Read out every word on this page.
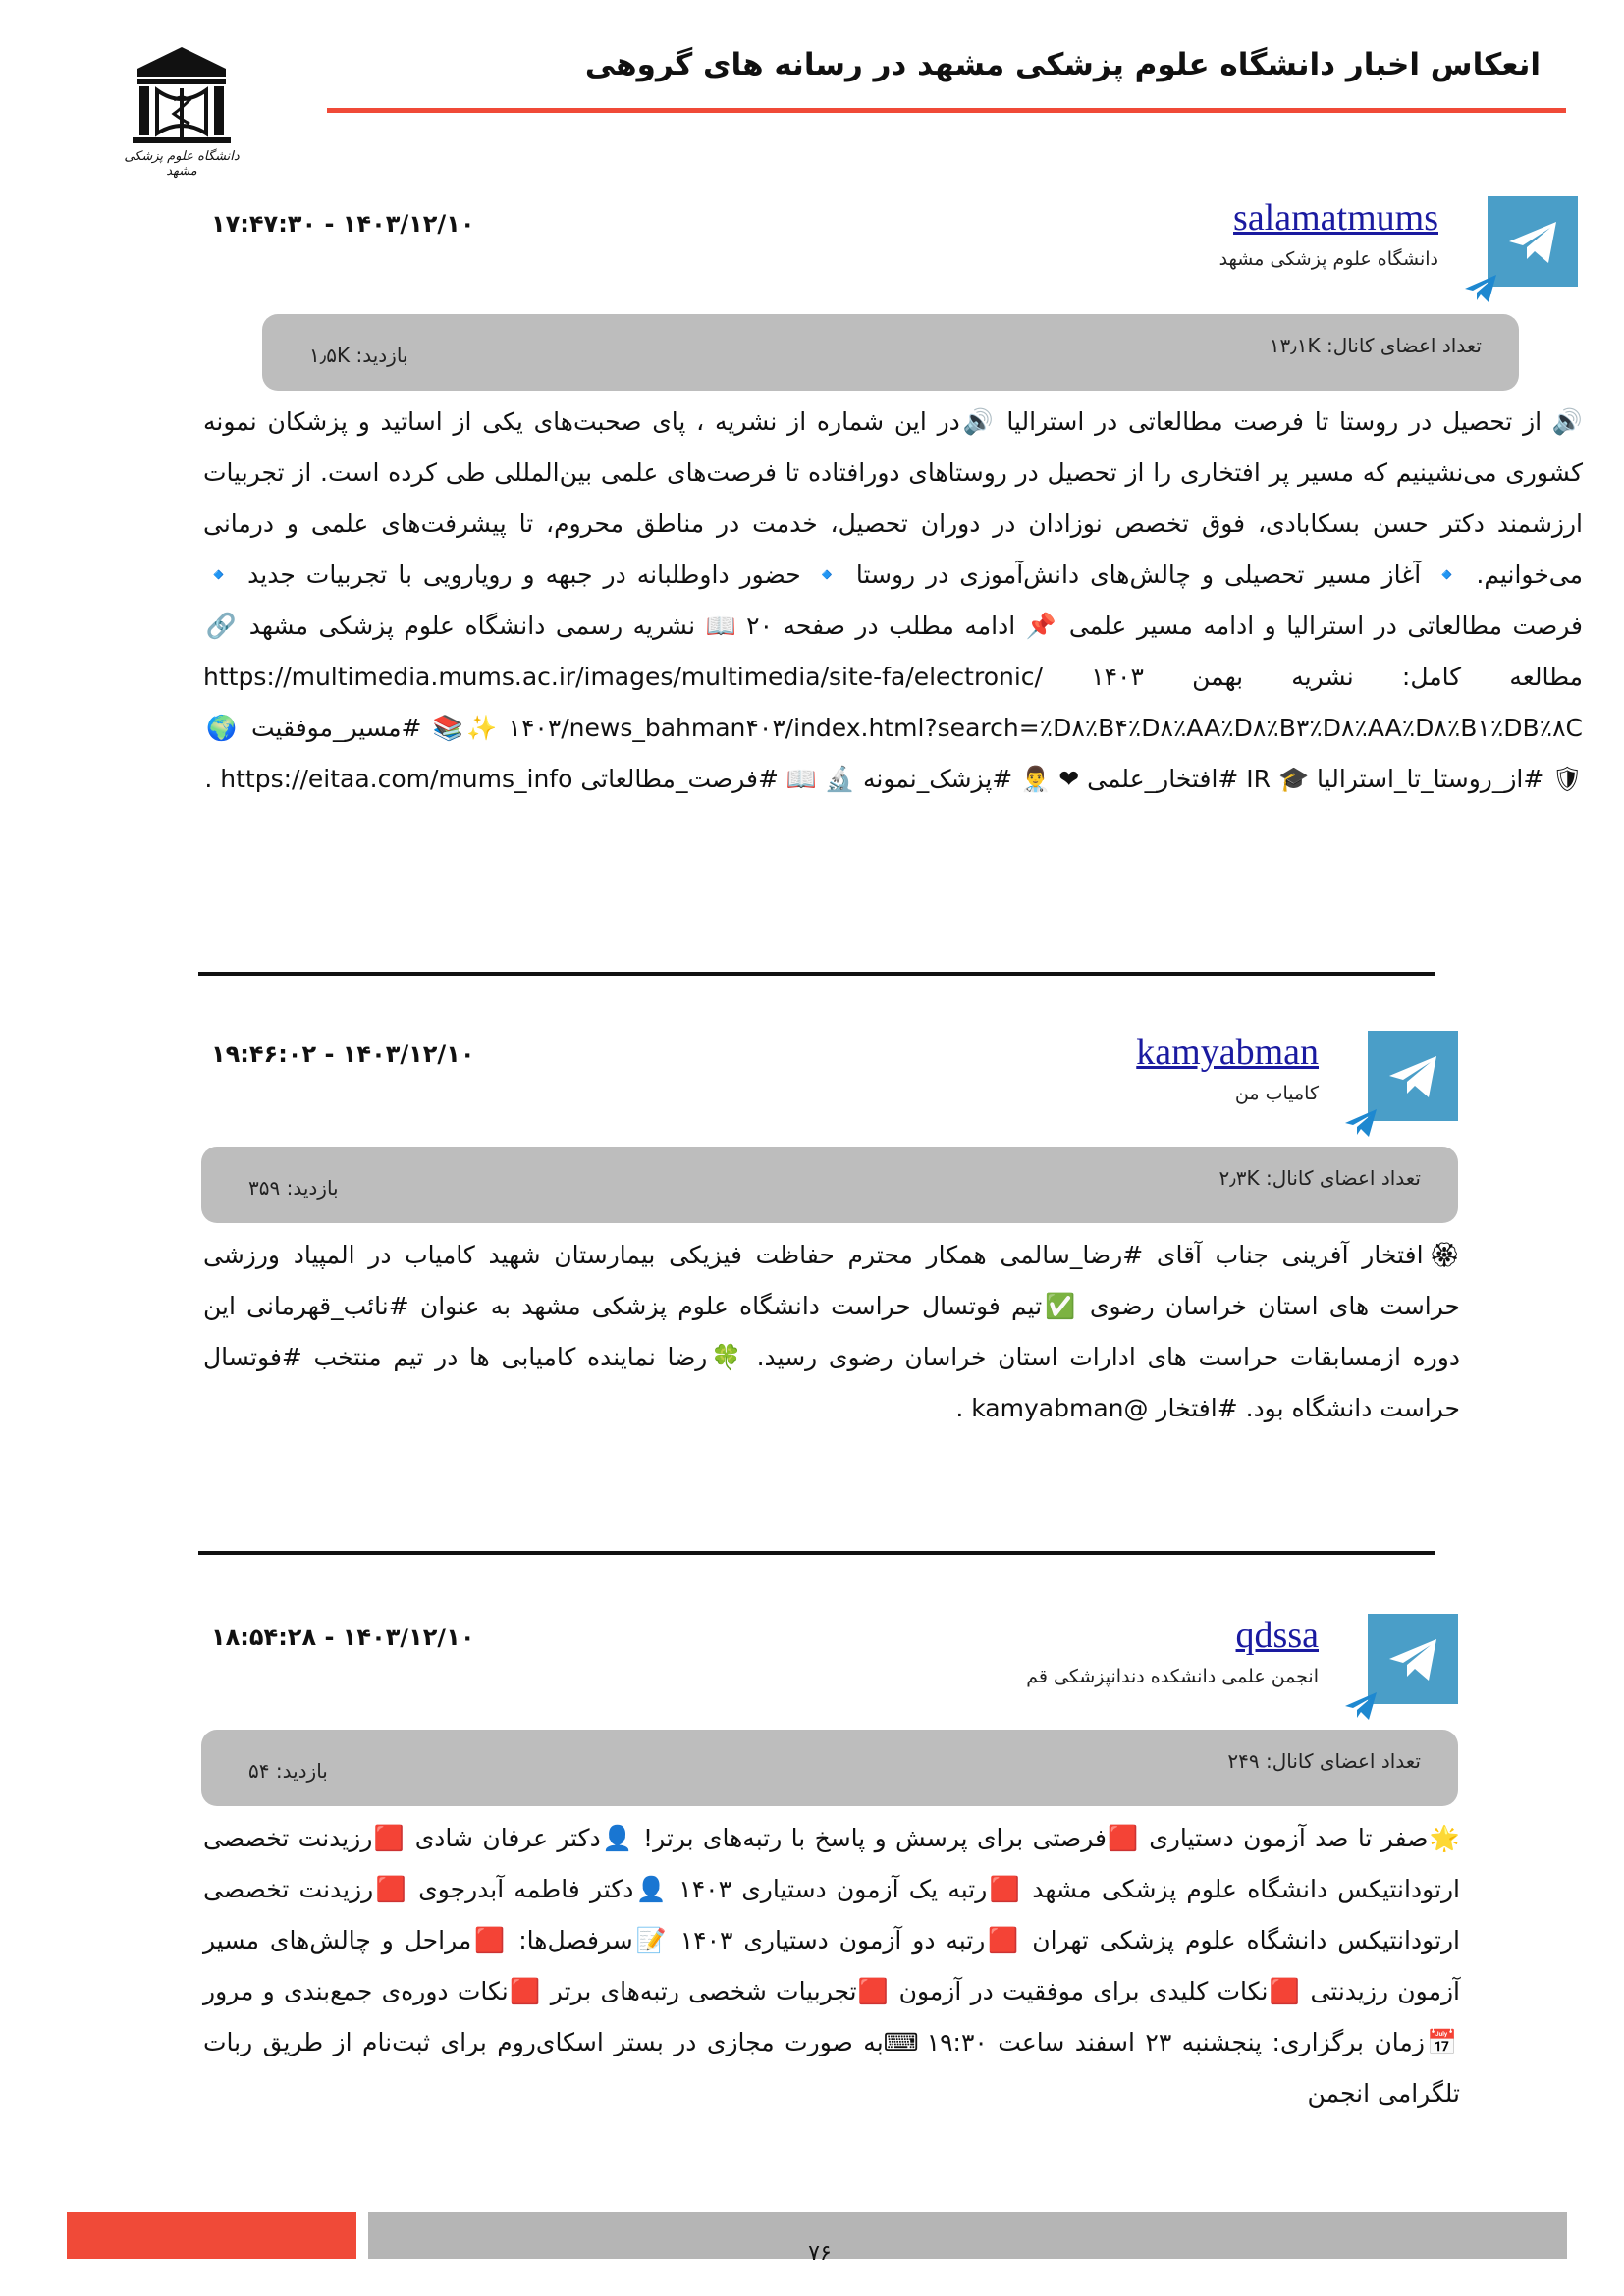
دانشگاه علوم پزشکی مشهد
انعکاس اخبار دانشگاه علوم پزشکی مشهد در رسانه های گروهی
salamatmums
دانشگاه علوم پزشکی مشهد
۱۴۰۳/۱۲/۱۰ - ۱۷:۴۷:۳۰
تعداد اعضای کانال: ۱۳٫۱K
بازدید: ۱٫۵K
🔊 از تحصیل در روستا تا فرصت مطالعاتی در استرالیا 🔊در این شماره از نشریه ، پای صحبت‌های یکی از اساتید و پزشکان نمونه کشوری می‌نشینیم که مسیر پر افتخاری را از تحصیل در روستاهای دورافتاده تا فرصت‌های علمی بین‌المللی طی کرده است. از تجربیات ارزشمند دکتر حسن بسکابادی، فوق تخصص نوزادان در دوران تحصیل، خدمت در مناطق محروم، تا پیشرفت‌های علمی و درمانی می‌خوانیم. 🔹 آغاز مسیر تحصیلی و چالش‌های دانش‌آموزی در روستا 🔹 حضور داوطلبانه در جبهه و رویارویی با تجربیات جدید 🔹 فرصت مطالعاتی در استرالیا و ادامه مسیر علمی 📌 ادامه مطلب در صفحه ۲۰ 📖 نشریه رسمی دانشگاه علوم پزشکی مشهد 🔗 مطالعه کامل: نشریه بهمن ۱۴۰۳ https://multimedia.mums.ac.ir/images/multimedia/site-fa/electronic/۱۴۰۳/news_bahman۴۰۳/index.html?search=٪D۸٪B۴٪D۸٪AA٪D۸٪B۳٪D۸٪AA٪D۸٪B۱٪DB٪۸C ✨📚 #مسیر_موفقیت 🌍 🛡 #از_روستا_تا_استرالیا 🎓 IR #افتخار_علمی ❤ 👨‍⚕ #پزشک_نمونه 🔬 📖 #فرصت_مطالعاتی https://eitaa.com/mums_info .
kamyabman
کامیاب من
۱۴۰۳/۱۲/۱۰ - ۱۹:۴۶:۰۲
تعداد اعضای کانال: ۲٫۳K
بازدید: ۳۵۹
🏵افتخار آفرینی جناب آقای #رضا_سالمی همکار محترم حفاظت فیزیکی بیمارستان شهید کامیاب در المپیاد ورزشی حراست های استان خراسان رضوی ✅تیم فوتسال حراست دانشگاه علوم پزشکی مشهد به عنوان #نائب_قهرمانی این دوره ازمسابقات حراست های ادارات استان خراسان رضوی رسید. 🍀رضا نماینده کامیابی ها در تیم منتخب #فوتسال حراست دانشگاه بود. #افتخار @kamyabman .
qdssa
انجمن علمی دانشکده دندانپزشکی قم
۱۴۰۳/۱۲/۱۰ - ۱۸:۵۴:۲۸
تعداد اعضای کانال: ۲۴۹
بازدید: ۵۴
🌟صفر تا صد آزمون دستیاری 🟥فرصتی برای پرسش و پاسخ با رتبه‌های برتر! 👤دکتر عرفان شادی 🟥رزیدنت تخصصی ارتودانتیکس دانشگاه علوم پزشکی مشهد 🟥رتبه یک آزمون دستیاری ۱۴۰۳ 👤دکتر فاطمه آبدرجوی 🟥رزیدنت تخصصی ارتودانتیکس دانشگاه علوم پزشکی تهران 🟥رتبه دو آزمون دستیاری ۱۴۰۳ 📝سرفصل‌ها: 🟥مراحل و چالش‌های مسیر آزمون رزیدنتی 🟥نکات کلیدی برای موفقیت در آزمون 🟥تجربیات شخصی رتبه‌های برتر 🟥نکات دوره‌ی جمع‌بندی و مرور 📅زمان برگزاری: پنجشنبه ۲۳ اسفند ساعت ۱۹:۳۰ ⌨به صورت مجازی در بستر اسکای‌روم برای ثبت‌نام از طریق ربات تلگرامی انجمن
۷۶
